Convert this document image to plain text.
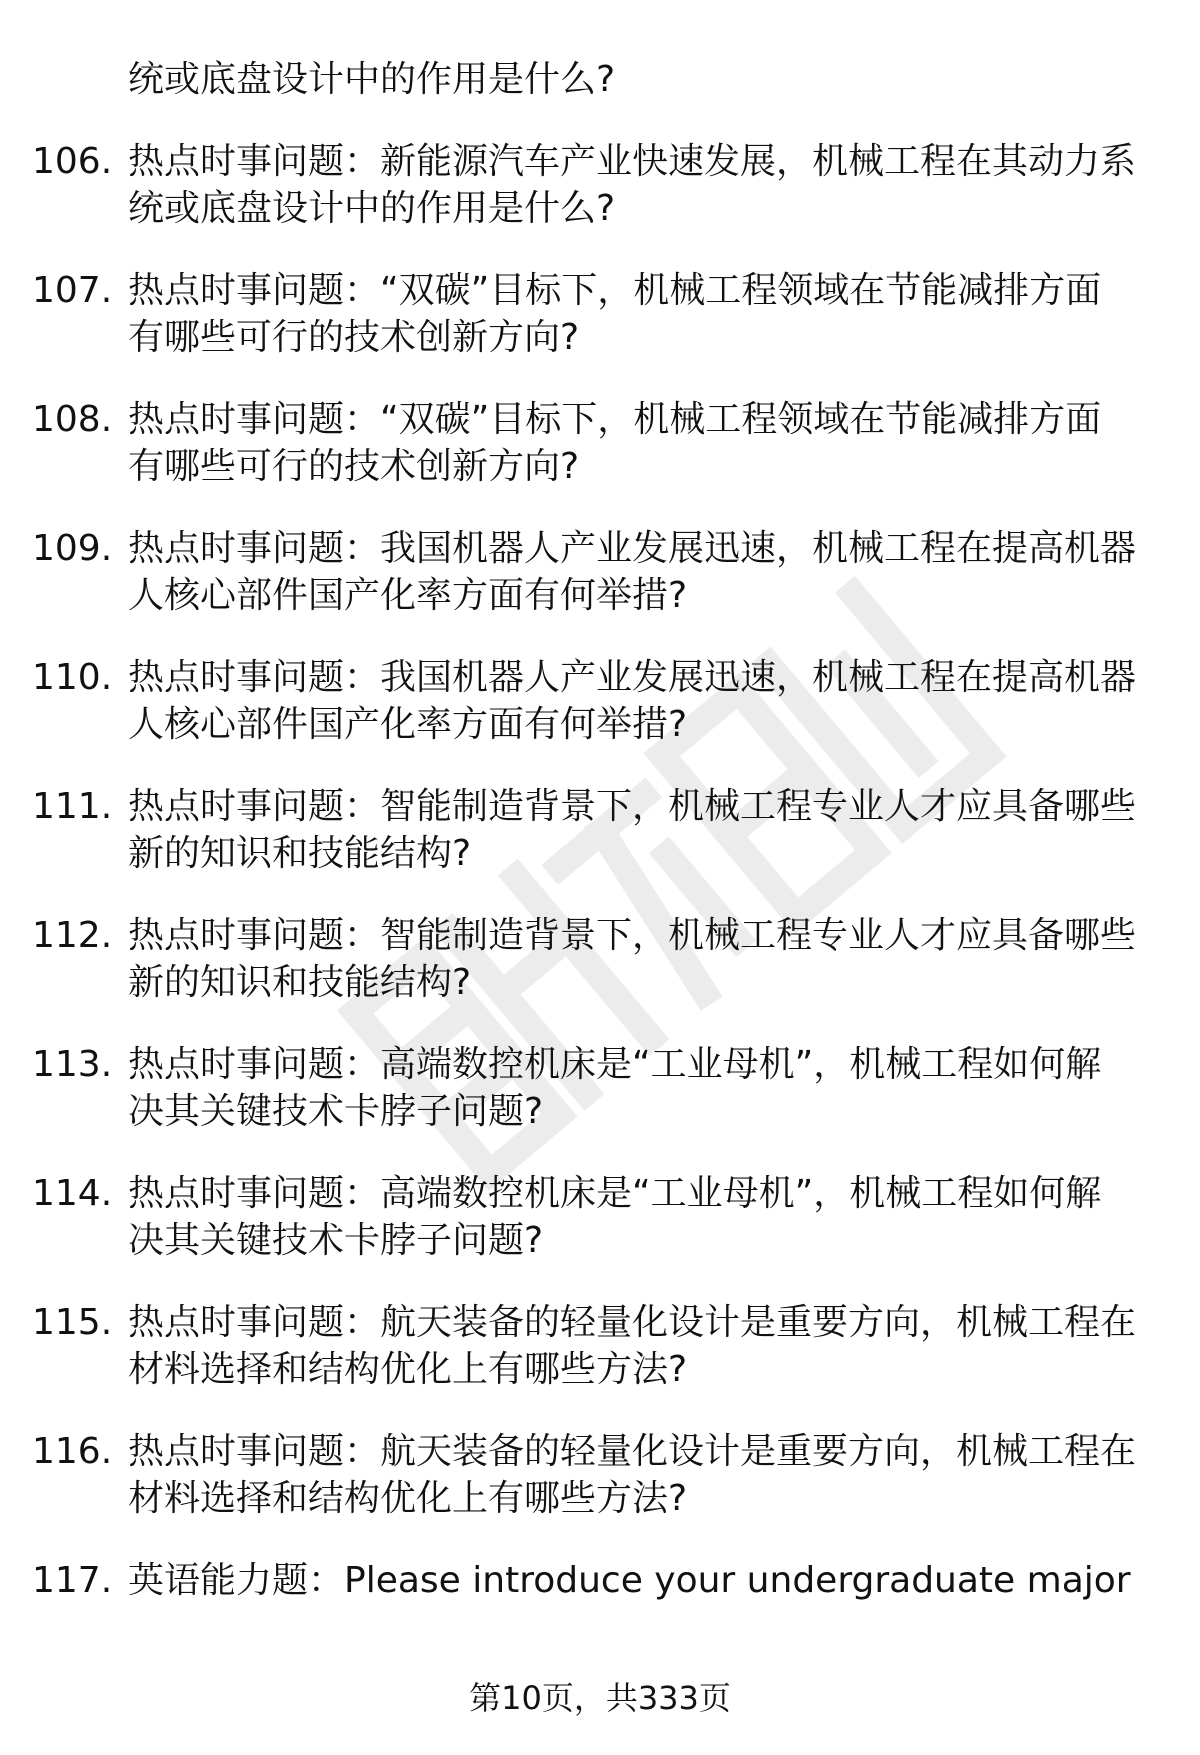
统或底盘设计中的作用是什么?
106. 热点时事问题：新能源汽车产业快速发展，机械工程在其动力系
统或底盘设计中的作用是什么?
107. 热点时事问题：“双碳”目标下，机械工程领域在节能减排方面
有哪些可行的技术创新方向?
108. 热点时事问题：“双碳”目标下，机械工程领域在节能减排方面
有哪些可行的技术创新方向?
109. 热点时事问题：我国机器人产业发展迅速，机械工程在提高机器
人核心部件国产化率方面有何举措?
110. 热点时事问题：我国机器人产业发展迅速，机械工程在提高机器
人核心部件国产化率方面有何举措?
111. 热点时事问题：智能制造背景下，机械工程专业人才应具备哪些
新的知识和技能结构?
112. 热点时事问题：智能制造背景下，机械工程专业人才应具备哪些
新的知识和技能结构?
113. 热点时事问题：高端数控机床是“工业母机”，机械工程如何解
决其关键技术卡脖子问题?
114. 热点时事问题：高端数控机床是“工业母机”，机械工程如何解
决其关键技术卡脖子问题?
115. 热点时事问题：航天装备的轻量化设计是重要方向，机械工程在
材料选择和结构优化上有哪些方法?
116. 热点时事问题：航天装备的轻量化设计是重要方向，机械工程在
材料选择和结构优化上有哪些方法?
117. 英语能力题：Please introduce your undergraduate major
第10页，共333页
